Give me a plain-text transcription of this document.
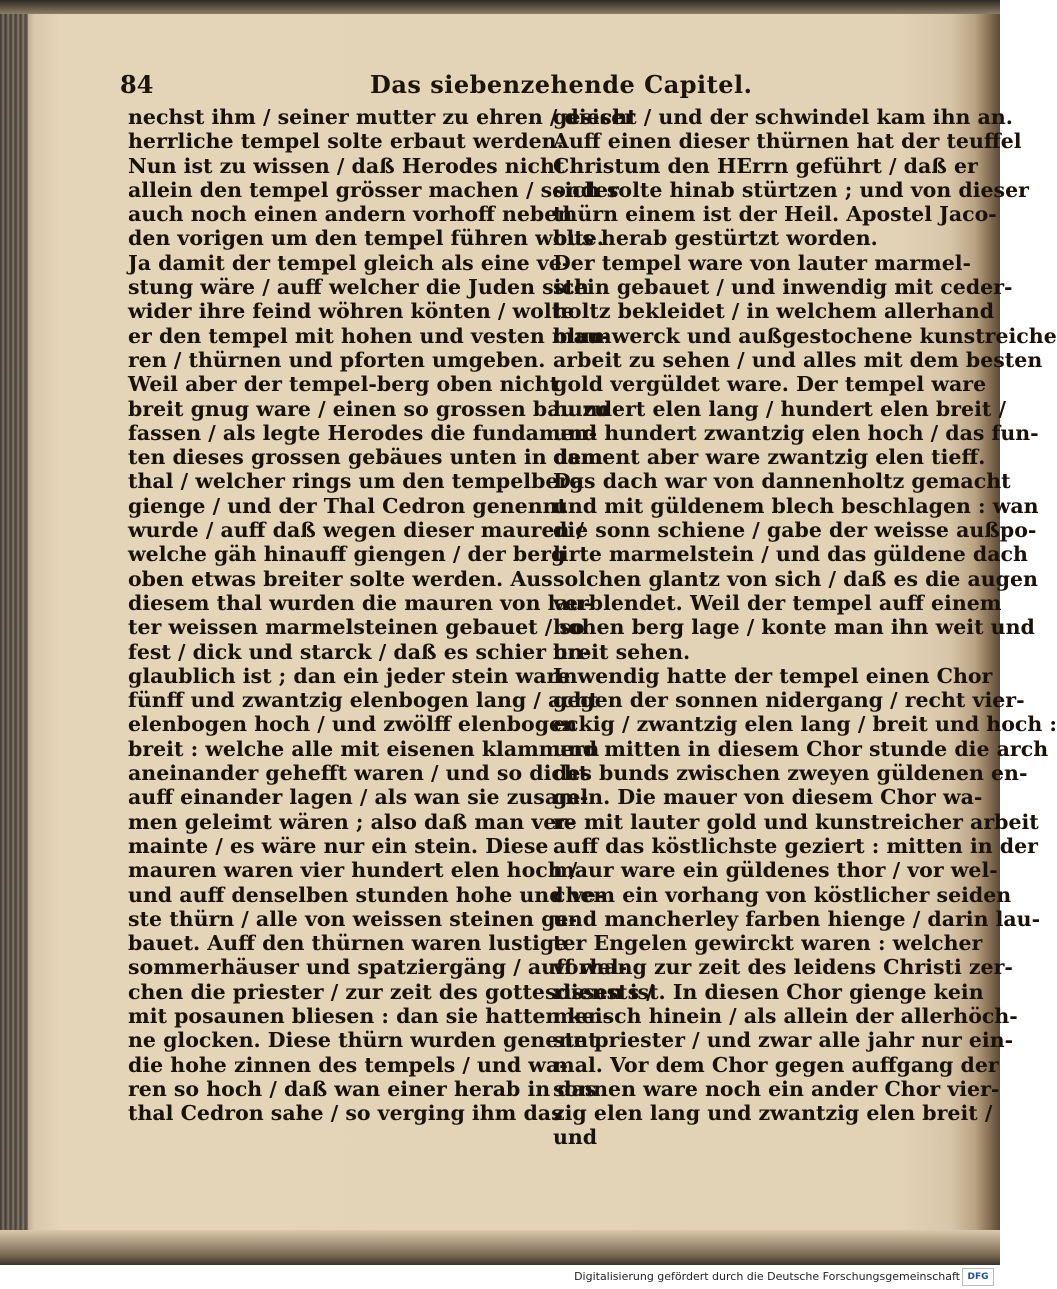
84	Das siebenzehende Capitel.
nechst ihm / seiner mutter zu ehren / dieser
herrliche tempel solte erbaut werden.
Nun ist zu wissen / daß Herodes nicht
allein den tempel grösser machen / sonder
auch noch einen andern vorhoff neben
den vorigen um den tempel führen wolte.
Ja damit der tempel gleich als eine ve-
stung wäre / auff welcher die Juden sich
wider ihre feind wöhren könten / wolte
er den tempel mit hohen und vesten mau-
ren / thürnen und pforten umgeben.
Weil aber der tempel-berg oben nicht
breit gnug ware / einen so grossen bau zu
fassen / als legte Herodes die fundamen-
ten dieses grossen gebäues unten in dem
thal / welcher rings um den tempelberg
gienge / und der Thal Cedron genennt
wurde / auff daß wegen dieser mauren /
welche gäh hinauff giengen / der berg
oben etwas breiter solte werden. Aus
diesem thal wurden die mauren von lau-
ter weissen marmelsteinen gebauet / so
fest / dick und starck / daß es schier un-
glaublich ist ; dan ein jeder stein ware
fünff und zwantzig elenbogen lang / acht
elenbogen hoch / und zwölff elenbogen
breit : welche alle mit eisenen klammern
aneinander gehefft waren / und so dicht
auff einander lagen / als wan sie zusam-
men geleimt wären ; also daß man ver-
mainte / es wäre nur ein stein. Diese
mauren waren vier hundert elen hoch /
und auff denselben stunden hohe und ve-
ste thürn / alle von weissen steinen ge-
bauet. Auff den thürnen waren lustige
sommerhäuser und spatziergäng / auff wel-
chen die priester / zur zeit des gottesdiensts /
mit posaunen bliesen : dan sie hatten kei-
ne glocken. Diese thürn wurden genennt
die hohe zinnen des tempels / und wa-
ren so hoch / daß wan einer herab in das
thal Cedron sahe / so verging ihm das
gesicht / und der schwindel kam ihn an.
Auff einen dieser thürnen hat der teuffel
Christum den HErrn geführt / daß er
sich solte hinab stürtzen ; und von dieser
thürn einem ist der Heil. Apostel Jaco-
bus herab gestürtzt worden.
Der tempel ware von lauter marmel-
stein gebauet / und inwendig mit ceder-
holtz bekleidet / in welchem allerhand
blumwerck und außgestochene kunstreiche
arbeit zu sehen / und alles mit dem besten
gold vergüldet ware. Der tempel ware
hundert elen lang / hundert elen breit /
und hundert zwantzig elen hoch / das fun-
dament aber ware zwantzig elen tieff.
Das dach war von dannenholtz gemacht
und mit güldenem blech beschlagen : wan
die sonn schiene / gabe der weisse außpo-
lirte marmelstein / und das güldene dach
solchen glantz von sich / daß es die augen
verblendet. Weil der tempel auff einem
hohen berg lage / konte man ihn weit und
breit sehen.
Inwendig hatte der tempel einen Chor
gegen der sonnen nidergang / recht vier-
eckig / zwantzig elen lang / breit und hoch :
und mitten in diesem Chor stunde die arch
des bunds zwischen zweyen güldenen en-
geln. Die mauer von diesem Chor wa-
re mit lauter gold und kunstreicher arbeit
auff das köstlichste geziert : mitten in der
maur ware ein güldenes thor / vor wel-
chem ein vorhang von köstlicher seiden
und mancherley farben hienge / darin lau-
ter Engelen gewirckt waren : welcher
vorhang zur zeit des leidens Christi zer-
rissen ist. In diesen Chor gienge kein
mensch hinein / als allein der allerhöch-
ste priester / und zwar alle jahr nur ein-
mal. Vor dem Chor gegen auffgang der
sonnen ware noch ein ander Chor vier-
zig elen lang und zwantzig elen breit /
und
Digitalisierung gefördert durch die Deutsche Forschungsgemeinschaft DFG
